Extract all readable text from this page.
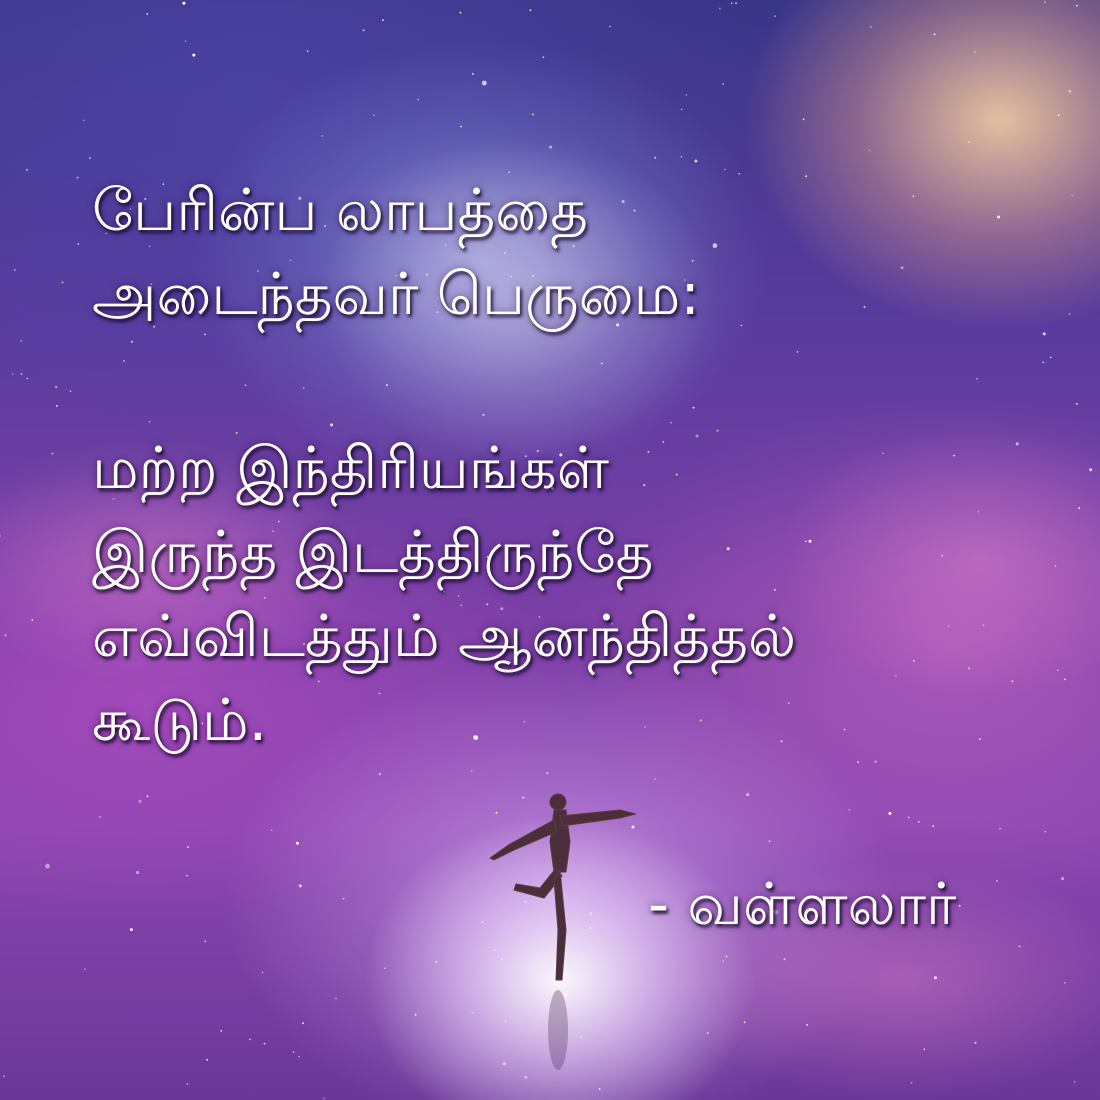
பேரின்ப லாபத்தை
அடைந்தவர் பெருமை:
மற்ற இந்திரியங்கள்
இருந்த இடத்திருந்தே
எவ்விடத்தும் ஆனந்தித்தல்
கூடும்.
- வள்ளலார்
